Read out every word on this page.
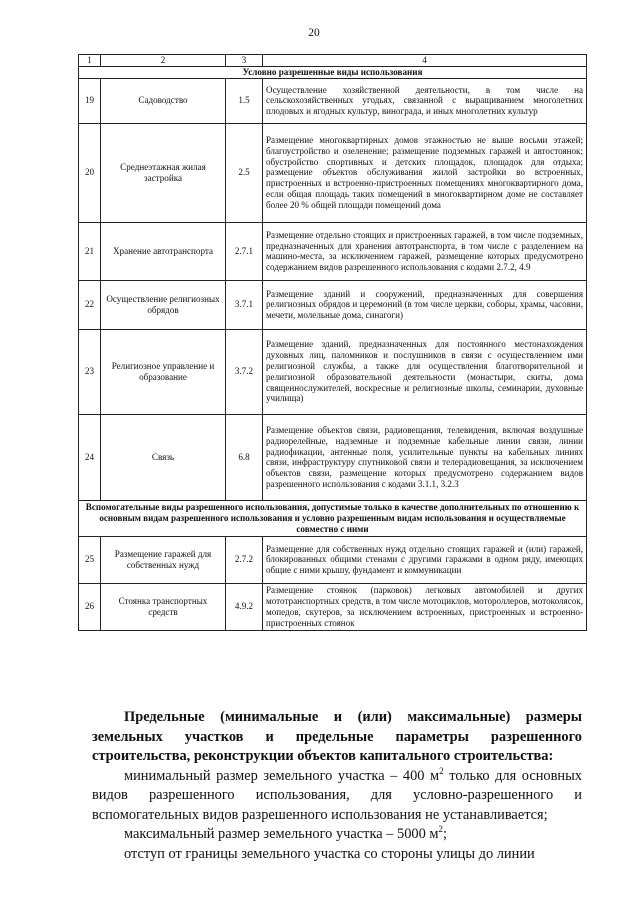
20
1	2	3	4
Условно разрешенные виды использования			
19	Садоводство	1.5	Осуществление хозяйственной деятельности, в том числе на сельскохозяйственных угодьях, связанной с выращиванием многолетних плодовых и ягодных культур, винограда, и иных многолетних культур
20	Среднеэтажная жилая застройка	2.5	Размещение многоквартирных домов этажностью не выше восьми этажей; благоустройство и озеленение; размещение подземных гаражей и автостоянок; обустройство спортивных и детских площадок, площадок для отдыха; размещение объектов обслуживания жилой застройки во встроенных, пристроенных и встроенно-пристроенных помещениях многоквартирного дома, если общая площадь таких помещений в многоквартирном доме не составляет более 20 % общей площади помещений дома
21	Хранение автотранспорта	2.7.1	Размещение отдельно стоящих и пристроенных гаражей, в том числе подземных, предназначенных для хранения автотранспорта, в том числе с разделением на машино-места, за исключением гаражей, размещение которых предусмотрено содержанием видов разрешенного использования с кодами 2.7.2, 4.9
22	Осуществление религиозных обрядов	3.7.1	Размещение зданий и сооружений, предназначенных для совершения религиозных обрядов и церемоний (в том числе церкви, соборы, храмы, часовни, мечети, молельные дома, синагоги)
23	Религиозное управление и образование	3.7.2	Размещение зданий, предназначенных для постоянного местонахождения духовных лиц, паломников и послушников в связи с осуществлением ими религиозной службы, а также для осуществления благотворительной и религиозной образовательной деятельности (монастыри, скиты, дома священнослужителей, воскресные и религиозные школы, семинарии, духовные училища)
24	Связь	6.8	Размещение объектов связи, радиовещания, телевидения, включая воздушные радиорелейные, надземные и подземные кабельные линии связи, линии радиофикации, антенные поля, усилительные пункты на кабельных линиях связи, инфраструктуру спутниковой связи и телерадиовещания, за исключением объектов связи, размещение которых предусмотрено содержанием видов разрешенного использования с кодами 3.1.1, 3.2.3
Вспомогательные виды разрешенного использования, допустимые только в качестве дополнительных по отношению к основным видам разрешенного использования и условно разрешенным видам использования и осуществляемые совместно с ними			
25	Размещение гаражей для собственных нужд	2.7.2	Размещение для собственных нужд отдельно стоящих гаражей и (или) гаражей, блокированных общими стенами с другими гаражами в одном ряду, имеющих общие с ними крышу, фундамент и коммуникации
26	Стоянка транспортных средств	4.9.2	Размещение стоянок (парковок) легковых автомобилей и других мототранспортных средств, в том числе мотоциклов, мотороллеров, мотоколясок, мопедов, скутеров, за исключением встроенных, пристроенных и встроенно-пристроенных стоянок

Предельные (минимальные и (или) максимальные) размеры земельных участков и предельные параметры разрешенного строительства, реконструкции объектов капитального строительства:

минимальный размер земельного участка – 400 $м^2$ только для основных видов разрешенного использования, для условно-разрешенного и вспомогательных видов разрешенного использования не устанавливается;

максимальный размер земельного участка – 5000 $м^2$;

отступ от границы земельного участка со стороны улицы до линии
